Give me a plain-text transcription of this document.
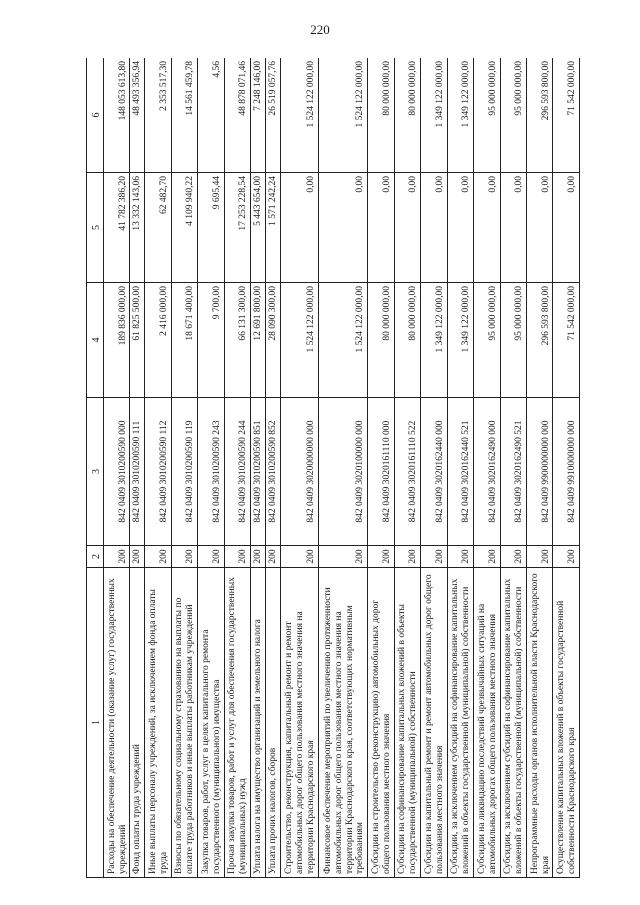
220
1	2	3	4	5	6
Расходы на обеспечение деятельности (оказание услуг) государственных учреждений	200	842 0409 3010200590 000	189 836 000,00	41 782 386,20	148 053 613,80
Фонд оплаты труда учреждений	200	842 0409 3010200590 111	61 825 500,00	13 332 143,06	48 493 356,94
Иные выплаты персоналу учреждений, за исключением фонда оплаты труда	200	842 0409 3010200590 112	2 416 000,00	62 482,70	2 353 517,30
Взносы по обязательному социальному страхованию на выплаты по оплате труда работников и иные выплаты работникам учреждений	200	842 0409 3010200590 119	18 671 400,00	4 109 940,22	14 561 459,78
Закупка товаров, работ, услуг в целях капитального ремонта государственного (муниципального) имущества	200	842 0409 3010200590 243	9 700,00	9 695,44	4,56
Прочая закупка товаров, работ и услуг для обеспечения государственных (муниципальных) нужд	200	842 0409 3010200590 244	66 131 300,00	17 253 228,54	48 878 071,46
Уплата налога на имущество организаций и земельного налога	200	842 0409 3010200590 851	12 691 800,00	5 443 654,00	7 248 146,00
Уплата прочих налогов, сборов	200	842 0409 3010200590 852	28 090 300,00	1 571 242,24	26 519 057,76
Строительство, реконструкция, капитальный ремонт и ремонт автомобильных дорог общего пользования местного значения на территории Краснодарского края	200	842 0409 3020000000 000	1 524 122 000,00	0,00	1 524 122 000,00
Финансовое обеспечение мероприятий по увеличению протяженности автомобильных дорог общего пользования местного значения на территории Краснодарского края, соответствующих нормативным требованиям	200	842 0409 3020100000 000	1 524 122 000,00	0,00	1 524 122 000,00
Субсидии на строительство (реконструкцию) автомобильных дорог общего пользования местного значения	200	842 0409 3020161110 000	80 000 000,00	0,00	80 000 000,00
Субсидии на софинансирование капитальных вложений в объекты государственной (муниципальной) собственности	200	842 0409 3020161110 522	80 000 000,00	0,00	80 000 000,00
Субсидии на капитальный ремонт и ремонт автомобильных дорог общего пользования местного значения	200	842 0409 3020162440 000	1 349 122 000,00	0,00	1 349 122 000,00
Субсидии, за исключением субсидий на софинансирование капитальных вложений в объекты государственной (муниципальной) собственности	200	842 0409 3020162440 521	1 349 122 000,00	0,00	1 349 122 000,00
Субсидии на ликвидацию последствий чрезвычайных ситуаций на автомобильных дорогах общего пользования местного значения	200	842 0409 3020162490 000	95 000 000,00	0,00	95 000 000,00
Субсидии, за исключением субсидий на софинансирование капитальных вложений в объекты государственной (муниципальной) собственности	200	842 0409 3020162490 521	95 000 000,00	0,00	95 000 000,00
Непрограммные расходы органов исполнительной власти Краснодарского края	200	842 0409 9900000000 000	296 593 800,00	0,00	296 593 800,00
Осуществление капитальных вложений в объекты государственной собственности Краснодарского края	200	842 0409 9910000000 000	71 542 000,00	0,00	71 542 000,00
